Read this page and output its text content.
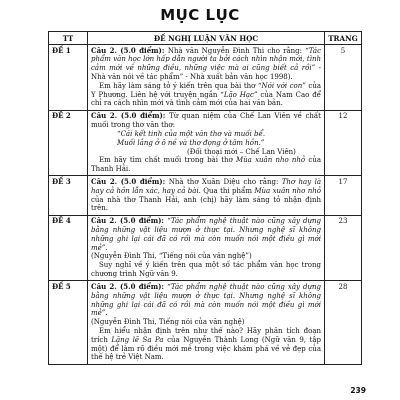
MỤC LỤC
TT	ĐỀ NGHỊ LUẬN VĂN HỌC	TRANG
ĐỀ 1	Câu 2. (5.0 điểm): Nhà văn Nguyễn Đình Thi cho rằng: “Tác phẩm văn học lớn hấp dẫn người ta bởi cách nhìn nhận mới, tình cảm mới về những điều, những việc mà ai cũng biết cả rồi” - Nhà văn nói về tác phẩm” - Nhà xuất bản văn học 1998).

Em hãy làm sáng tỏ ý kiến trên qua bài thơ “Nói với con” của Y Phương. Liên hệ với truyện ngắn “Lão Hạc” của Nam Cao để chỉ ra cách nhìn mới và tình cảm mới của hai văn bản.	5
ĐỀ 2	Câu 2. (5.0 điểm): Từ quan niệm của Chế Lan Viên về chất muối trong thơ văn thơ:

“Cái kết tinh của một văn thơ và muối bể.

Muối lắng ở ô nề và thơ đọng ở tâm hồn.”

(Đối thoại mới – Chế Lan Viên)

Em hãy tìm chất muối trong bài thơ Mùa xuân nho nhỏ của Thanh Hải.	12
ĐỀ 3	Câu 2. (5.0 điểm): Nhà thơ Xuân Diệu cho rằng: Thơ hay là hay cả hồn lẫn xác, hay cả bài. Qua thi phẩm Mùa xuân nho nhỏ của nhà thơ Thanh Hải, anh (chị) hãy làm sáng tỏ nhận định trên.	17
ĐỀ 4	Câu 2. (5.0 điểm): “Tác phẩm nghệ thuật nào cũng xây dựng bằng những vật liệu mượn ở thực tại. Nhưng nghệ sĩ không những ghi lại cái đã có rồi mà còn muốn nói một điều gì mới mẻ”.

(Nguyễn Đình Thi, “Tiếng nói của văn nghệ”)

Suy nghĩ về ý kiến trên qua một số tác phẩm văn học trong chương trình Ngữ văn 9.	23
ĐỀ 5	Câu 2. (5.0 điểm): “Tác phẩm nghệ thuật nào cũng xây dựng bằng những vật liệu mượn ở thực tại. Nhưng nghệ sĩ không những ghi lại cái đã có rồi mà còn muốn nói một điều gì mới mẻ”.

(Nguyễn Đình Thi, Tiếng nói của văn nghệ)

Em hiểu nhận định trên như thế nào? Hãy phân tích đoạn trích Lặng lẽ Sa Pa của Nguyễn Thành Long (Ngữ văn 9, tập một) để làm rõ điều mới mẻ trong việc khám phá về vẻ đẹp của thế hệ trẻ Việt Nam.	28
239
